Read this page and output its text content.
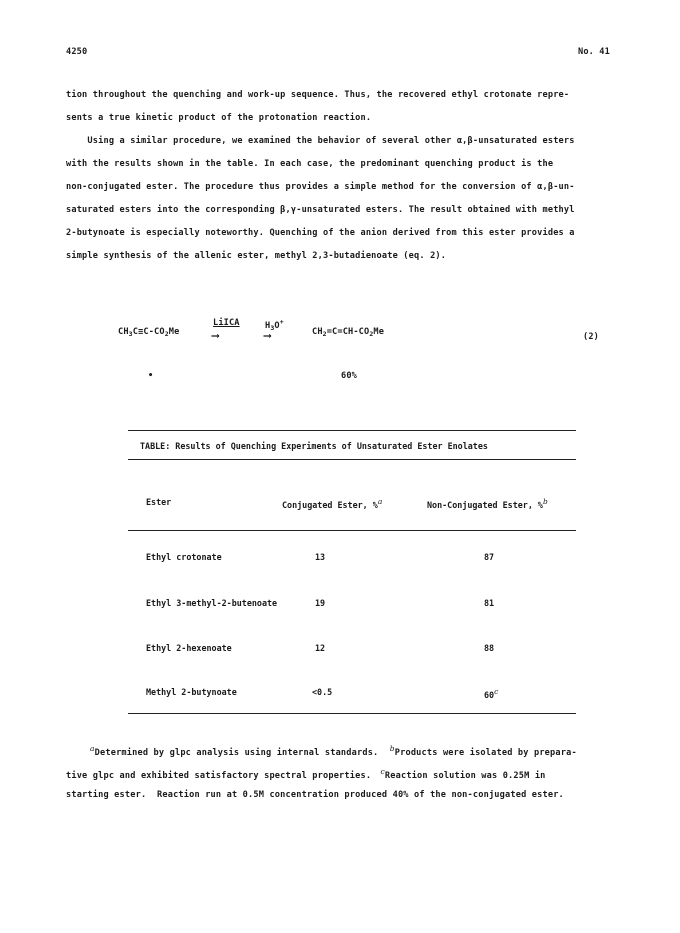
4250	No. 41
tion throughout the quenching and work-up sequence. Thus, the recovered ethyl crotonate repre-
sents a true kinetic product of the protonation reaction.
Using a similar procedure, we examined the behavior of several other α,β-unsaturated esters
with the results shown in the table. In each case, the predominant quenching product is the
non-conjugated ester. The procedure thus provides a simple method for the conversion of α,β-un-
saturated esters into the corresponding β,γ-unsaturated esters. The result obtained with methyl
2-butynoate is especially noteworthy. Quenching of the anion derived from this ester provides a
simple synthesis of the allenic ester, methyl 2,3-butadienoate (eq. 2).
$CH_3C\equiv C-CO_2Me$
LiICA
⟶
$H_3O^+$
⟶	$CH_2=C=CH-CO_2Me$	(2)
•	60%
TABLE: Results of Quenching Experiments of Unsaturated Ester Enolates
Ester	Conjugated Ester, %a	Non-Conjugated Ester, %b
Ethyl crotonate	13	87
Ethyl 3-methyl-2-butenoate	19	81
Ethyl 2-hexenoate	12	88
Methyl 2-butynoate	<0.5	60c
aDetermined by glpc analysis using internal standards. bProducts were isolated by prepara-
tive glpc and exhibited satisfactory spectral properties. cReaction solution was 0.25M in
starting ester.  Reaction run at 0.5M concentration produced 40% of the non-conjugated ester.
